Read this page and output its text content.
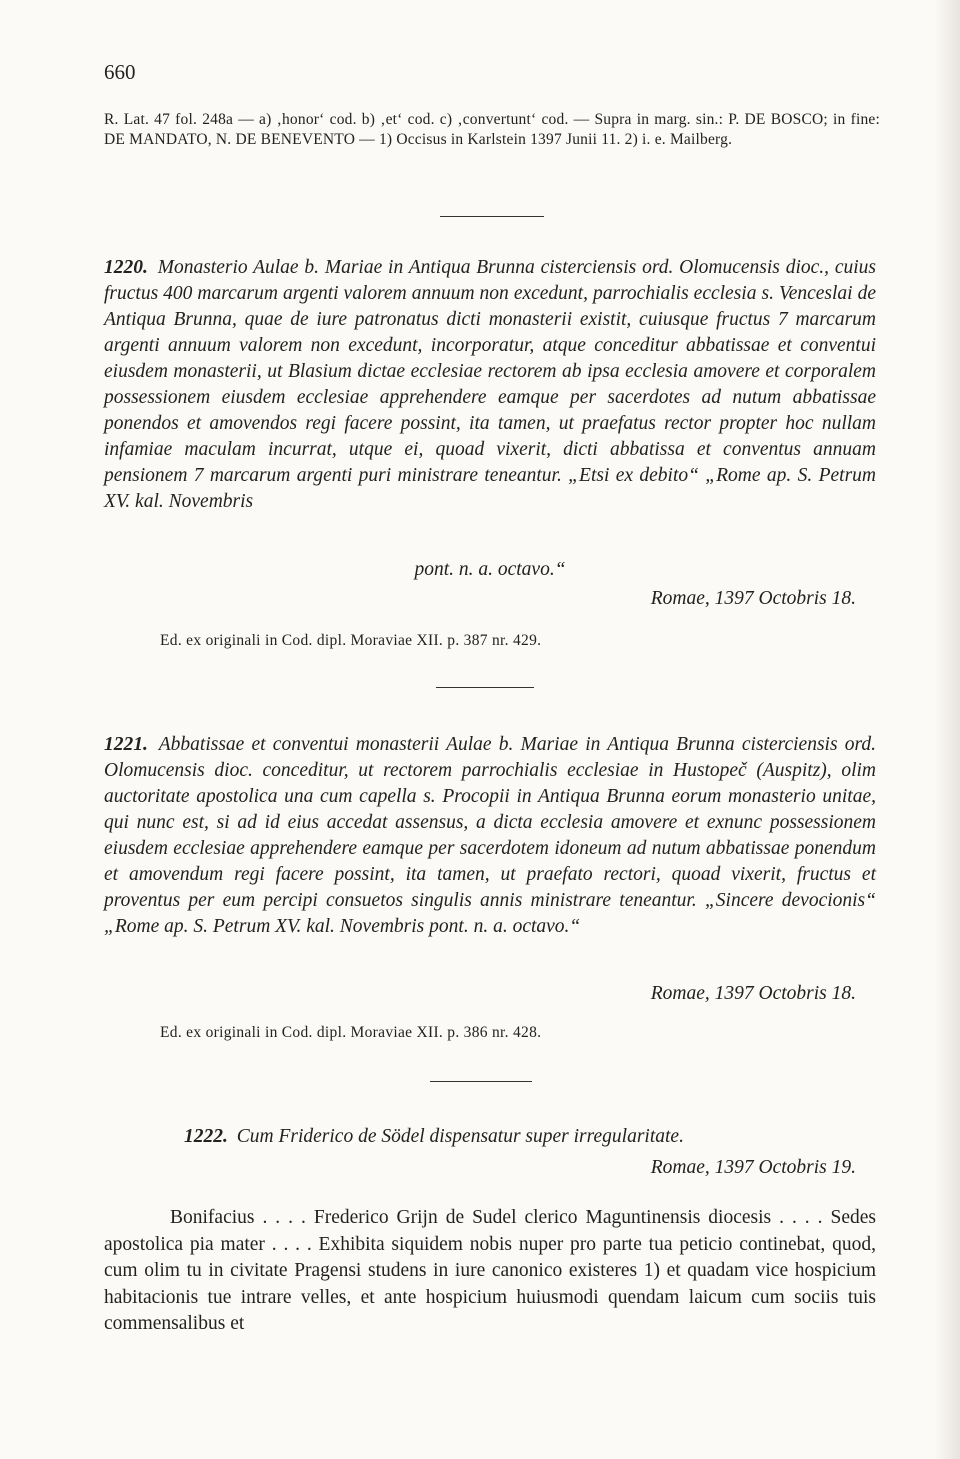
660

R. Lat. 47 fol. 248a — a) ‚honor‘ cod. b) ‚et‘ cod. c) ‚convertunt‘ cod. — Supra in marg. sin.: P. DE BOSCO; in fine: DE MANDATO, N. DE BENEVENTO — 1) Occisus in Karlstein 1397 Junii 11. 2) i. e. Mailberg.

1220. Monasterio Aulae b. Mariae in Antiqua Brunna cisterciensis ord. Olomucensis dioc., cuius fructus 400 marcarum argenti valorem annuum non excedunt, parrochialis ecclesia s. Venceslai de Antiqua Brunna, quae de iure patronatus dicti monasterii existit, cuiusque fructus 7 marcarum argenti annuum valorem non excedunt, incorporatur, atque conceditur abbatissae et conventui eiusdem monasterii, ut Blasium dictae ecclesiae rectorem ab ipsa ecclesia amovere et corporalem possessionem eiusdem ecclesiae apprehendere eamque per sacerdotes ad nutum abbatissae ponendos et amovendos regi facere possint, ita tamen, ut praefatus rector propter hoc nullam infamiae maculam incurrat, utque ei, quoad vixerit, dicti abbatissa et conventus annuam pensionem 7 marcarum argenti puri ministrare teneantur. „Etsi ex debito“ „Rome ap. S. Petrum XV. kal. Novembris
pont. n. a. octavo.“
Romae, 1397 Octobris 18.
Ed. ex originali in Cod. dipl. Moraviae XII. p. 387 nr. 429.
1221. Abbatissae et conventui monasterii Aulae b. Mariae in Antiqua Brunna cisterciensis ord. Olomucensis dioc. conceditur, ut rectorem parrochialis ecclesiae in Hustopeč (Auspitz), olim auctoritate apostolica una cum capella s. Procopii in Antiqua Brunna eorum monasterio unitae, qui nunc est, si ad id eius accedat assensus, a dicta ecclesia amovere et exnunc possessionem eiusdem ecclesiae apprehendere eamque per sacerdotem idoneum ad nutum abbatissae ponendum et amovendum regi facere possint, ita tamen, ut praefato rectori, quoad vixerit, fructus et proventus per eum percipi consuetos singulis annis ministrare teneantur. „Sincere devocionis“ „Rome ap. S. Petrum XV. kal. Novembris pont. n. a. octavo.“
Romae, 1397 Octobris 18.
Ed. ex originali in Cod. dipl. Moraviae XII. p. 386 nr. 428.
1222. Cum Friderico de Södel dispensatur super irregularitate.
Romae, 1397 Octobris 19.
Bonifacius . . . . Frederico Grijn de Sudel clerico Maguntinensis diocesis . . . . Sedes apostolica pia mater . . . . Exhibita siquidem nobis nuper pro parte tua peticio continebat, quod, cum olim tu in civitate Pragensi studens in iure canonico existeres 1) et quadam vice hospicium habitacionis tue intrare velles, et ante hospicium huiusmodi quendam laicum cum sociis tuis commensalibus et
